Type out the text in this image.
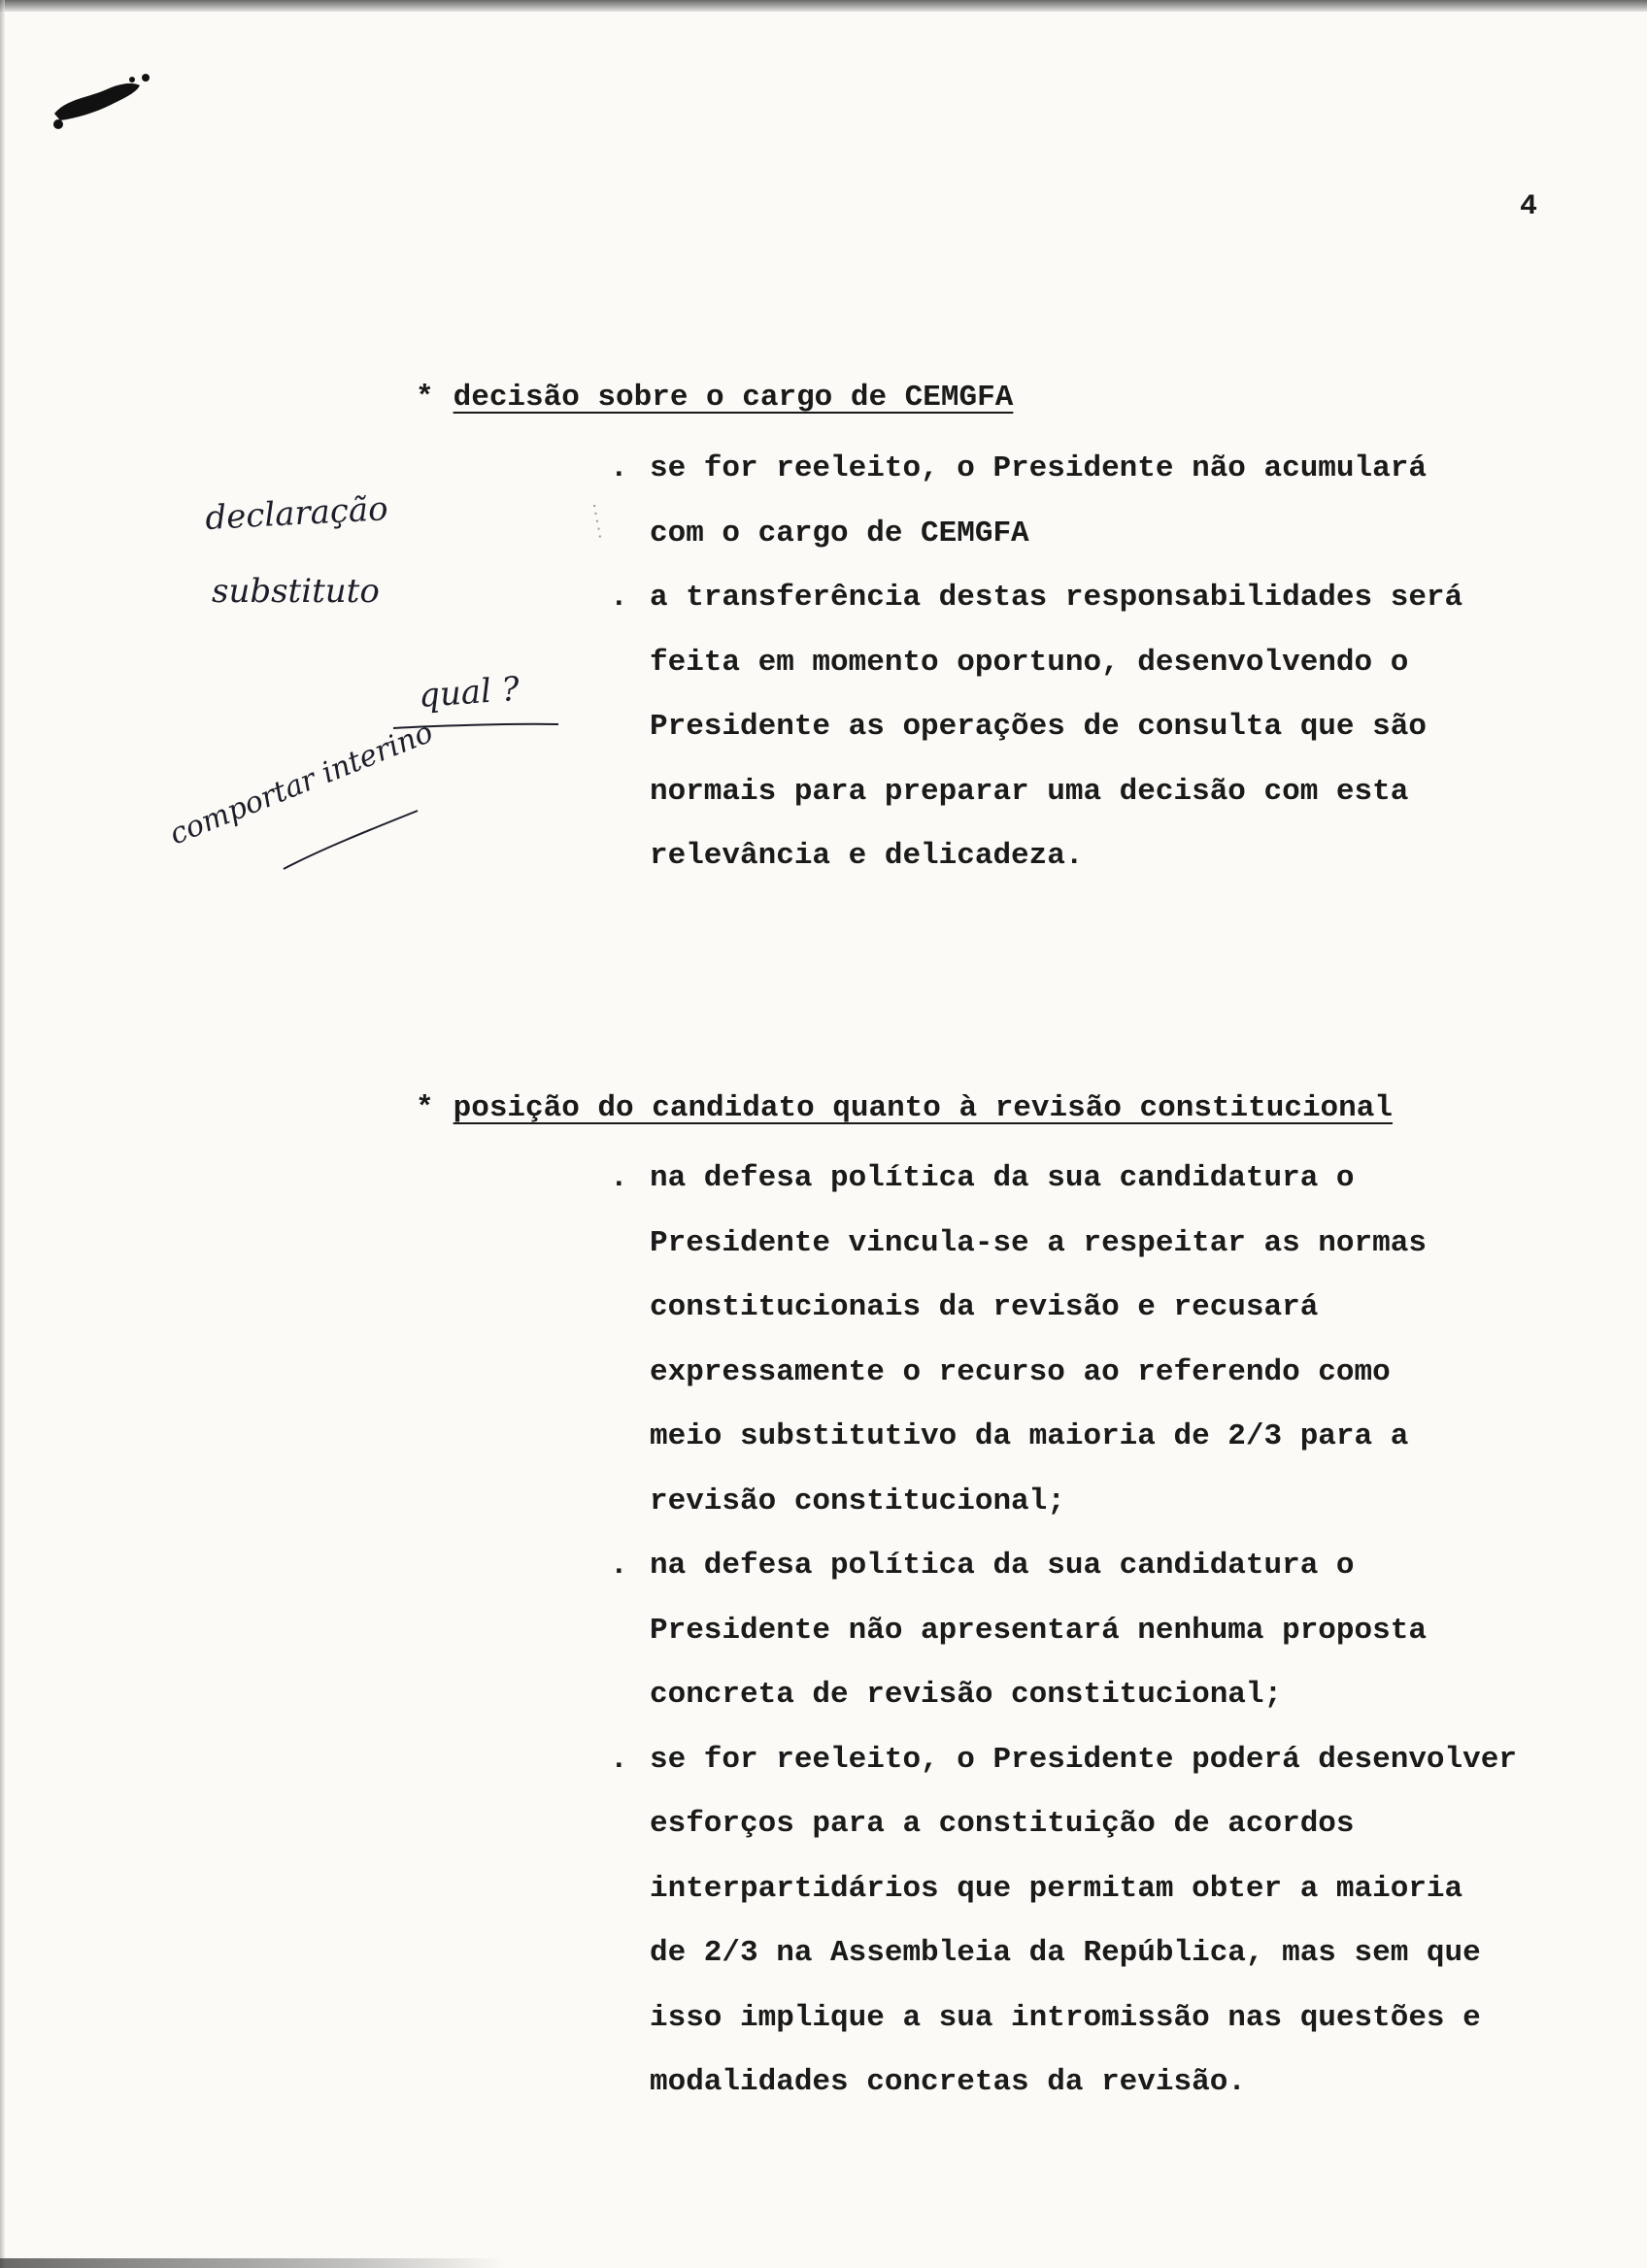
4
* decisão sobre o cargo de CEMGFA
. se for reeleito, o Presidente não acumulará
com o cargo de CEMGFA
. a transferência destas responsabilidades será
feita em momento oportuno, desenvolvendo o
Presidente as operações de consulta que são
normais para preparar uma decisão com esta
relevância e delicadeza.
* posição do candidato quanto à revisão constitucional
. na defesa política da sua candidatura o
Presidente vincula-se a respeitar as normas
constitucionais da revisão e recusará
expressamente o recurso ao referendo como
meio substitutivo da maioria de 2/3 para a
revisão constitucional;
. na defesa política da sua candidatura o
Presidente não apresentará nenhuma proposta
concreta de revisão constitucional;
. se for reeleito, o Presidente poderá desenvolver
esforços para a constituição de acordos
interpartidários que permitam obter a maioria
de 2/3 na Assembleia da República, mas sem que
isso implique a sua intromissão nas questões e
modalidades concretas da revisão.
declaração
substituto
qual ?
comportar interino
